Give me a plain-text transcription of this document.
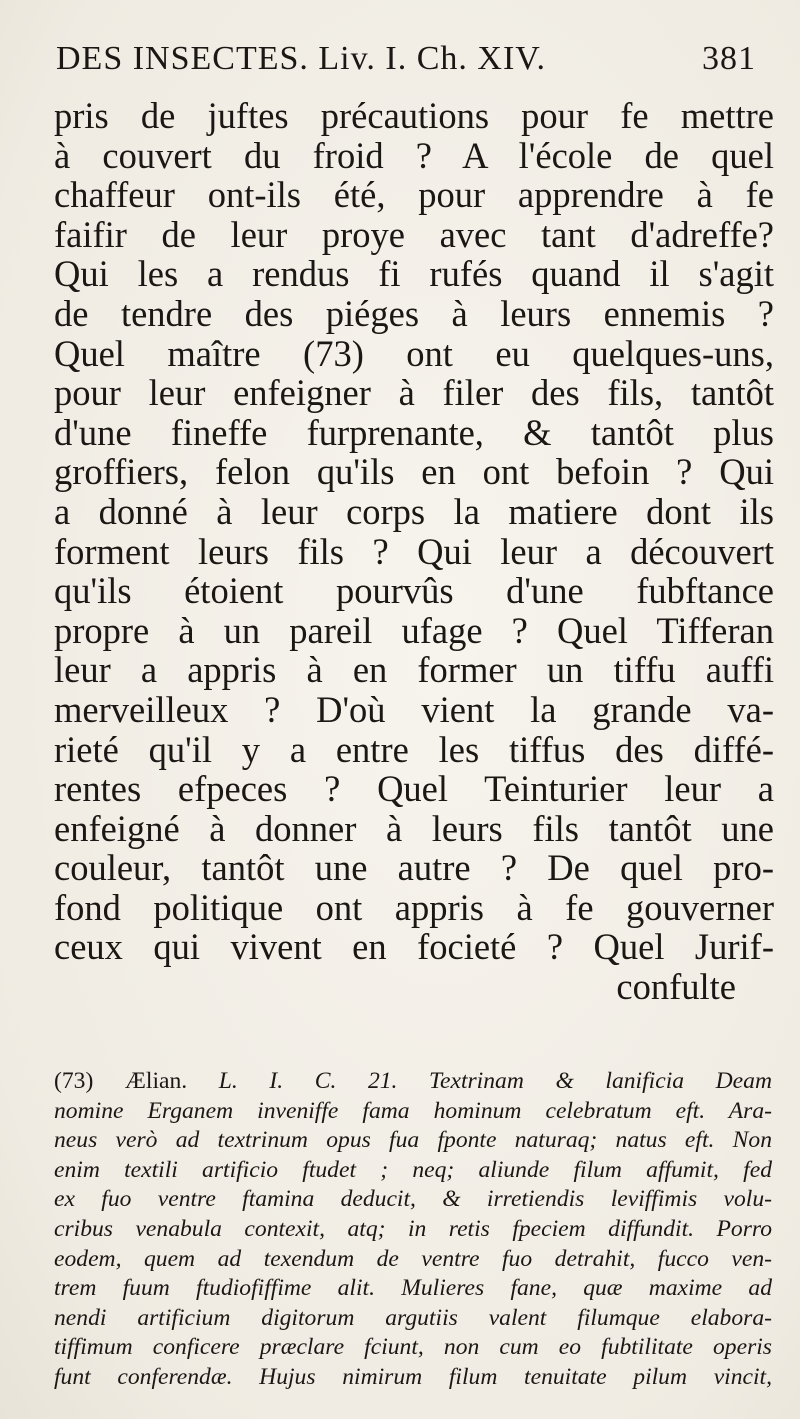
DES INSECTES. Liv. I. Ch. XIV.	381
pris de juftes précautions pour fe mettre
à couvert du froid ? A l'école de quel
chaffeur ont-ils été, pour apprendre à fe
faifir de leur proye avec tant d'adreffe?
Qui les a rendus fi rufés quand il s'agit
de tendre des piéges à leurs ennemis ?
Quel maître (73) ont eu quelques-uns,
pour leur enfeigner à filer des fils, tantôt
d'une fineffe furprenante, & tantôt plus
groffiers, felon qu'ils en ont befoin ? Qui
a donné à leur corps la matiere dont ils
forment leurs fils ? Qui leur a découvert
qu'ils étoient pourvûs d'une fubftance
propre à un pareil ufage ? Quel Tifferan
leur a appris à en former un tiffu auffi
merveilleux ? D'où vient la grande va-
rieté qu'il y a entre les tiffus des diffé-
rentes efpeces ? Quel Teinturier leur a
enfeigné à donner à leurs fils tantôt une
couleur, tantôt une autre ? De quel pro-
fond politique ont appris à fe gouverner
ceux qui vivent en focieté ? Quel Jurif-
confulte
(73) Ælian. L. I. C. 21. Textrinam & lanificia Deam
nomine Erganem inveniffe fama hominum celebratum eft. Ara-
neus verò ad textrinum opus fua fponte naturaq; natus eft. Non
enim textili artificio ftudet ; neq; aliunde filum affumit, fed
ex fuo ventre ftamina deducit, & irretiendis leviffimis volu-
cribus venabula contexit, atq; in retis fpeciem diffundit. Porro
eodem, quem ad texendum de ventre fuo detrahit, fucco ven-
trem fuum ftudiofiffime alit. Mulieres fane, quæ maxime ad
nendi artificium digitorum argutiis valent filumque elabora-
tiffimum conficere præclare fciunt, non cum eo fubtilitate operis
funt conferendæ. Hujus nimirum filum tenuitate pilum vincit,
